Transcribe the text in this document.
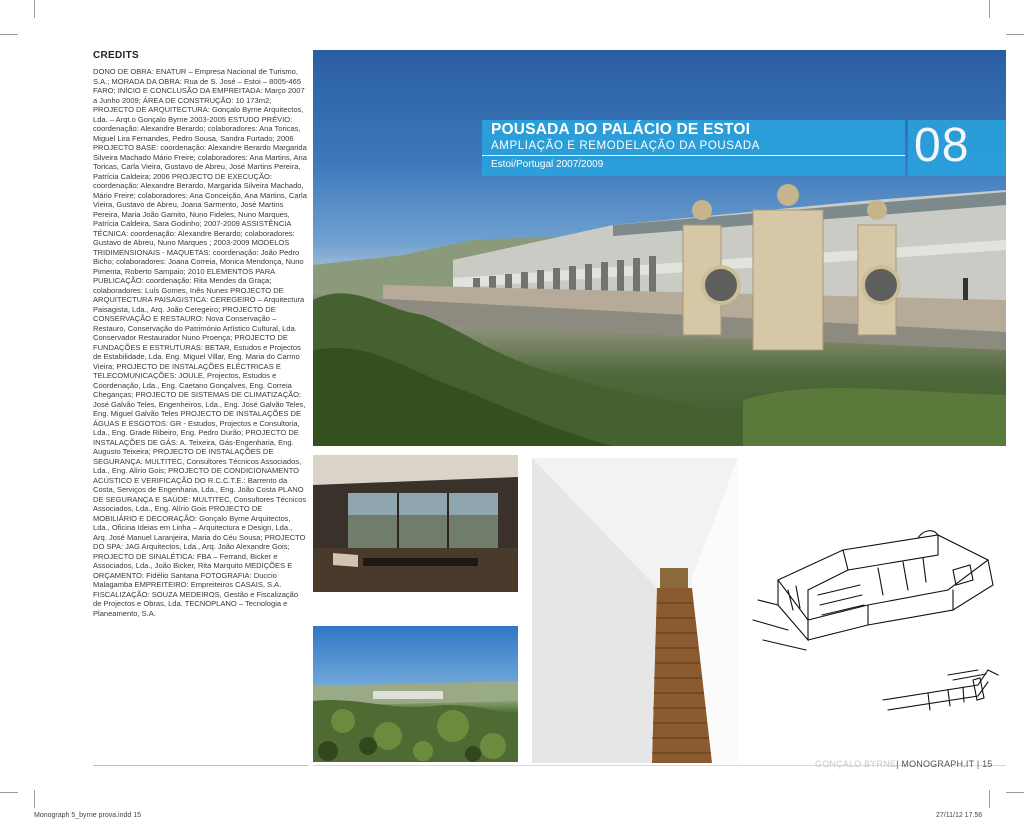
CREDITS

DONO DE OBRA: ENATUR – Empresa Nacional de Turismo, S.A.; MORADA DA OBRA: Rua de S. José – Estoi – 8005-465 FARO; INÍCIO E CONCLUSÃO DA EMPREITADA: Março 2007 a Junho 2009; ÁREA DE CONSTRUÇÃO: 10 173m2; PROJECTO DE ARQUITECTURA: Gonçalo Byrne Arquitectos, Lda. – Arqt.o Gonçalo Byrne 2003-2005 ESTUDO PRÉVIO: coordenação: Alexandre Berardo; colaboradores: Ana Toricas, Miguel Lira Fernandes, Pedro Sousa, Sandra Furtado; 2006 PROJECTO BASE: coordenação: Alexandre Berardo Margarida Silveira Machado Mário Freire; colaboradores: Ana Martins, Ana Toricas, Carla Vieira, Gustavo de Abreu, José Martins Pereira, Patrícia Caldeira; 2006 PROJECTO DE EXECUÇÃO: coordenação: Alexandre Berardo, Margarida Silveira Machado, Mário Freire; colaboradores: Ana Conceição, Ana Martins, Carla Vieira, Gustavo de Abreu, Joana Sarmento, José Martins Pereira, Maria João Gamito, Nuno Fideles, Nuno Marques, Patrícia Caldeira, Sara Godinho; 2007-2009 ASSISTÊNCIA TÉCNICA: coordenação: Alexandre Berardo; colaboradores: Gustavo de Abreu, Nuno Marques ; 2003-2009 MODELOS TRIDIMENSIONAIS - MAQUETAS: coordenação: João Pedro Bicho; colaboradores: Joana Correia, Monica Mendonça, Nuno Pimenta, Roberto Sampaio; 2010 ELEMENTOS PARA PUBLICAÇÃO: coordenação: Rita Mendes da Graça; colaboradores: Luís Gomes, Inês Nunes PROJECTO DE ARQUITECTURA PAISAGISTICA: CEREGEIRO – Arquitectura Paisagista, Lda., Arq. João Ceregeiro; PROJECTO DE CONSERVAÇÃO E RESTAURO: Nova Conservação – Restauro, Conservação do Património Artístico Cultural, Lda. Conservador Restaurador Nuno Proença; PROJECTO DE FUNDAÇÕES E ESTRUTURAS: BETAR, Estudos e Projectos de Estabilidade, Lda. Eng. Miguel Villar, Eng. Maria do Carmo Vieira; PROJECTO DE INSTALAÇÕES ELÉCTRICAS E TELECOMUNICAÇÕES: JOULE, Projectos, Estudos e Coordenação, Lda., Eng. Caetano Gonçalves, Eng. Correia Cheganças; PROJECTO DE SISTEMAS DE CLIMATIZAÇÃO: José Galvão Teles, Engenheiros, Lda., Eng. José Galvão Teles, Eng. Miguel Galvão Teles PROJECTO DE INSTALAÇÕES DE ÁGUAS E ESGOTOS: GR - Estudos, Projectos e Consultoria, Lda., Eng. Grade Ribeiro, Eng. Pedro Durão; PROJECTO DE INSTALAÇÕES DE GÁS: A. Teixeira, Gás-Engenharia, Eng. Augusto Teixeira; PROJECTO DE INSTALAÇÕES DE SEGURANÇA: MULTITEC, Consultores Técnicos Associados, Lda., Eng. Alírio Gois; PROJECTO DE CONDICIONAMENTO ACÚSTICO E VERIFICAÇÃO DO R.C.C.T.E.: Barrento da Costa, Serviços de Engenharia, Lda., Eng. João Costa PLANO DE SEGURANÇA E SAÚDE: MULTITEC, Consultores Técnicos Associados, Lda., Eng. Alírio Gois PROJECTO DE MOBILIÁRIO E DECORAÇÃO: Gonçalo Byrne Arquitectos, Lda., Oficina Ideias em Linha – Arquitectura e Design, Lda., Arq. José Manuel Laranjeira, Maria do Céu Sousa; PROJECTO DO SPA: JAG Arquitectos, Lda., Arq. João Alexandre Gois; PROJECTO DE SINALÉTICA: FBA – Ferrand, Bicker e Associados, Lda., João Bicker, Rita Marquito MEDIÇÕES E ORÇAMENTO: Fidélio Santana FOTOGRAFIA: Duccio Malagamba EMPREITEIRO: Empreiteiros CASAIS, S.A. FISCALIZAÇÃO: SOUZA MEDEIROS, Gestão e Fiscalização de Projectos e Obras, Lda. TECNOPLANO – Tecnologia e Planeamento, S.A.

POUSADA DO PALÁCIO DE ESTOI
AMPLIAÇÃO E REMODELAÇÃO DA POUSADA
Estoi/Portugal 2007/2009	08
GONÇALO BYRNE| MONOGRAPH.IT | 15
Monograph 5_byrne prova.indd 15	27/11/12 17.56
